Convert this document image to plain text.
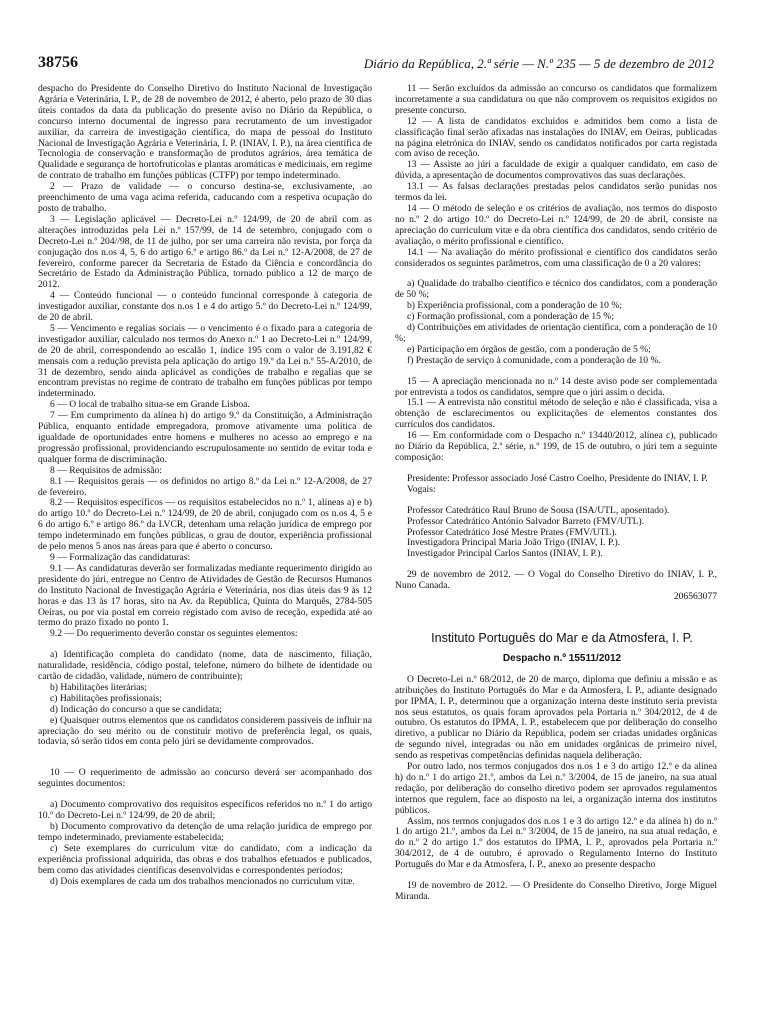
38756	Diário da República, 2.ª série — N.º 235 — 5 de dezembro de 2012

despacho do Presidente do Conselho Diretivo do Instituto Nacional de Investigação Agrária e Veterinária, I. P., de 28 de novembro de 2012, é aberto, pelo prazo de 30 dias úteis contados da data da publicação do presente aviso no Diário da República, o concurso interno documental de ingresso para recrutamento de um investigador auxiliar, da carreira de investigação científica, do mapa de pessoal do Instituto Nacional de Investigação Agrária e Veterinária, I. P. (INIAV, I. P.), na área científica de Tecnologia de conservação e transformação de produtos agrários, área temática de Qualidade e segurança de hortofrutícolas e plantas aromáticas e medicinais, em regime de contrato de trabalho em funções públicas (CTFP) por tempo indeterminado.

2 — Prazo de validade — o concurso destina-se, exclusivamente, ao preenchimento de uma vaga acima referida, caducando com a respetiva ocupação do posto de trabalho.

3 — Legislação aplicável — Decreto-Lei n.º 124/99, de 20 de abril com as alterações introduzidas pela Lei n.º 157/99, de 14 de setembro, conjugado com o Decreto-Lei n.º 204//98, de 11 de julho, por ser uma carreira não revista, por força da conjugação dos n.os 4, 5, 6 do artigo 6.º e artigo 86.º da Lei n.º 12-A/2008, de 27 de fevereiro, conforme parecer da Secretaria de Estado da Ciência e concordância do Secretário de Estado da Administração Pública, tornado público a 12 de março de 2012.

4 — Conteúdo funcional — o conteúdo funcional corresponde à categoria de investigador auxiliar, constante dos n.os 1 e 4 do artigo 5.º do Decreto-Lei n.º 124/99, de 20 de abril.

5 — Vencimento e regalias sociais — o vencimento é o fixado para a categoria de investigador auxiliar, calculado nos termos do Anexo n.º 1 ao Decreto-Lei n.º 124/99, de 20 de abril, correspondendo ao escalão 1, índice 195 com o valor de 3.191,82 € mensais com a redução prevista pela aplicação do artigo 19.º da Lei n.º 55-A/2010, de 31 de dezembro, sendo ainda aplicável as condições de trabalho e regalias que se encontram previstas no regime de contrato de trabalho em funções públicas por tempo indeterminado.

6 — O local de trabalho situa-se em Grande Lisboa.

7 — Em cumprimento da alínea h) do artigo 9.º da Constituição, a Administração Pública, enquanto entidade empregadora, promove ativamente uma política de igualdade de oportunidades entre homens e mulheres no acesso ao emprego e na progressão profissional, providenciando escrupulosamente no sentido de evitar toda e qualquer forma de discriminação.

8 — Requisitos de admissão:

8.1 — Requisitos gerais — os definidos no artigo 8.º da Lei n.º 12-A/2008, de 27 de fevereiro.

8.2 — Requisitos específicos — os requisitos estabelecidos no n.º 1, alíneas a) e b) do artigo 10.º do Decreto-Lei n.º 124/99, de 20 de abril, conjugado com os n.os 4, 5 e 6 do artigo 6.º e artigo 86.º da LVCR, detenham uma relação jurídica de emprego por tempo indeterminado em funções públicas, o grau de doutor, experiência profissional de pelo menos 5 anos nas áreas para que é aberto o concurso.

9 — Formalização das candidaturas:

9.1 — As candidaturas deverão ser formalizadas mediante requerimento dirigido ao presidente do júri, entregue no Centro de Atividades de Gestão de Recursos Humanos do Instituto Nacional de Investigação Agrária e Veterinária, nos dias úteis das 9 às 12 horas e das 13 às 17 horas, sito na Av. da República, Quinta do Marquês, 2784-505 Oeiras, ou por via postal em correio registado com aviso de receção, expedida até ao termo do prazo fixado no ponto 1.

9.2 — Do requerimento deverão constar os seguintes elementos:

a) Identificação completa do candidato (nome, data de nascimento, filiação, naturalidade, residência, código postal, telefone, número do bilhete de identidade ou cartão de cidadão, validade, número de contribuinte);

b) Habilitações literárias;

c) Habilitações profissionais;

d) Indicação do concurso a que se candidata;

e) Quaisquer outros elementos que os candidatos considerem passíveis de influir na apreciação do seu mérito ou de constituir motivo de preferência legal, os quais, todavia, só serão tidos em conta pelo júri se devidamente comprovados.

10 — O requerimento de admissão ao concurso deverá ser acompanhado dos seguintes documentos:

a) Documento comprovativo dos requisitos específicos referidos no n.º 1 do artigo 10.º do Decreto-Lei n.º 124/99, de 20 de abril;

b) Documento comprovativo da detenção de uma relação jurídica de emprego por tempo indeterminado, previamente estabelecida;

c) Sete exemplares do curriculum vitæ do candidato, com a indicação da experiência profissional adquirida, das obras e dos trabalhos efetuados e publicados, bem como das atividades científicas desenvolvidas e correspondentes períodos;

d) Dois exemplares de cada um dos trabalhos mencionados no curriculum vitæ.

11 — Serão excluídos da admissão ao concurso os candidatos que formalizem incorretamente a sua candidatura ou que não comprovem os requisitos exigidos no presente concurso.

12 — A lista de candidatos excluídos e admitidos bem como a lista de classificação final serão afixadas nas instalações do INIAV, em Oeiras, publicadas na página eletrónica do INIAV, sendo os candidatos notificados por carta registada com aviso de receção.

13 — Assiste ao júri a faculdade de exigir a qualquer candidato, em caso de dúvida, a apresentação de documentos comprovativos das suas declarações.

13.1 — As falsas declarações prestadas pelos candidatos serão punidas nos termos da lei.

14 — O método de seleção e os critérios de avaliação, nos termos do disposto no n.º 2 do artigo 10.º do Decreto-Lei n.º 124/99, de 20 de abril, consiste na apreciação do curriculum vitæ e da obra científica dos candidatos, sendo critério de avaliação, o mérito profissional e científico.

14.1 — Na avaliação do mérito profissional e científico dos candidatos serão considerados os seguintes parâmetros, com uma classificação de 0 a 20 valores:

a) Qualidade do trabalho científico e técnico dos candidatos, com a ponderação de 50 %;

b) Experiência profissional, com a ponderação de 10 %;

c) Formação profissional, com a ponderação de 15 %;

d) Contribuições em atividades de orientação científica, com a ponderação de 10 %;

e) Participação em órgãos de gestão, com a ponderação de 5 %;

f) Prestação de serviço à comunidade, com a ponderação de 10 %.

15 — A apreciação mencionada no n.º 14 deste aviso pode ser complementada por entrevista a todos os candidatos, sempre que o júri assim o decida.

15.1 — A entrevista não constitui método de seleção e não é classificada, visa a obtenção de esclarecimentos ou explicitações de elementos constantes dos currículos dos candidatos.

16 — Em conformidade com o Despacho n.º 13440/2012, alínea c), publicado no Diário da República, 2.ª série, n.º 199, de 15 de outubro, o júri tem a seguinte composição:

Presidente: Professor associado José Castro Coelho, Presidente do INIAV, I. P.

Vogais:

Professor Catedrático Raul Bruno de Sousa (ISA/UTL, aposentado).

Professor Catedrático António Salvador Barreto (FMV/UTL).

Professor Catedrático José Mestre Prates (FMV/UTL).

Investigadora Principal Maria João Trigo (INIAV, I. P.).

Investigador Principal Carlos Santos (INIAV, I. P.).

29 de novembro de 2012. — O Vogal do Conselho Diretivo do INIAV, I. P., Nuno Canada.

206563077

Instituto Português do Mar e da Atmosfera, I. P.

Despacho n.º 15511/2012

O Decreto-Lei n.º 68/2012, de 20 de março, diploma que definiu a missão e as atribuições do Instituto Português do Mar e da Atmosfera, I. P., adiante designado por IPMA, I. P., determinou que a organização interna deste instituto seria prevista nos seus estatutos, os quais foram aprovados pela Portaria n.º 304/2012, de 4 de outubro. Os estatutos do IPMA, I. P., estabelecem que por deliberação do conselho diretivo, a publicar no Diário da República, podem ser criadas unidades orgânicas de segundo nível, integradas ou não em unidades orgânicas de primeiro nível, sendo as respetivas competências definidas naquela deliberação.

Por outro lado, nos termos conjugados dos n.os 1 e 3 do artigo 12.º e da alínea h) do n.º 1 do artigo 21.º, ambos da Lei n.º 3/2004, de 15 de janeiro, na sua atual redação, por deliberação do conselho diretivo podem ser aprovados regulamentos internos que regulem, face ao disposto na lei, a organização interna dos institutos públicos.

Assim, nos termos conjugados dos n.os 1 e 3 do artigo 12.º e da alínea h) do n.º 1 do artigo 21.º, ambos da Lei n.º 3/2004, de 15 de janeiro, na sua atual redação, e do n.º 2 do artigo 1.º dos estatutos do IPMA, I. P., aprovados pela Portaria n.º 304/2012, de 4 de outubro, é aprovado o Regulamento Interno do Instituto Português do Mar e da Atmosfera, I. P., anexo ao presente despacho

19 de novembro de 2012. — O Presidente do Conselho Diretivo, Jorge Miguel Miranda.
